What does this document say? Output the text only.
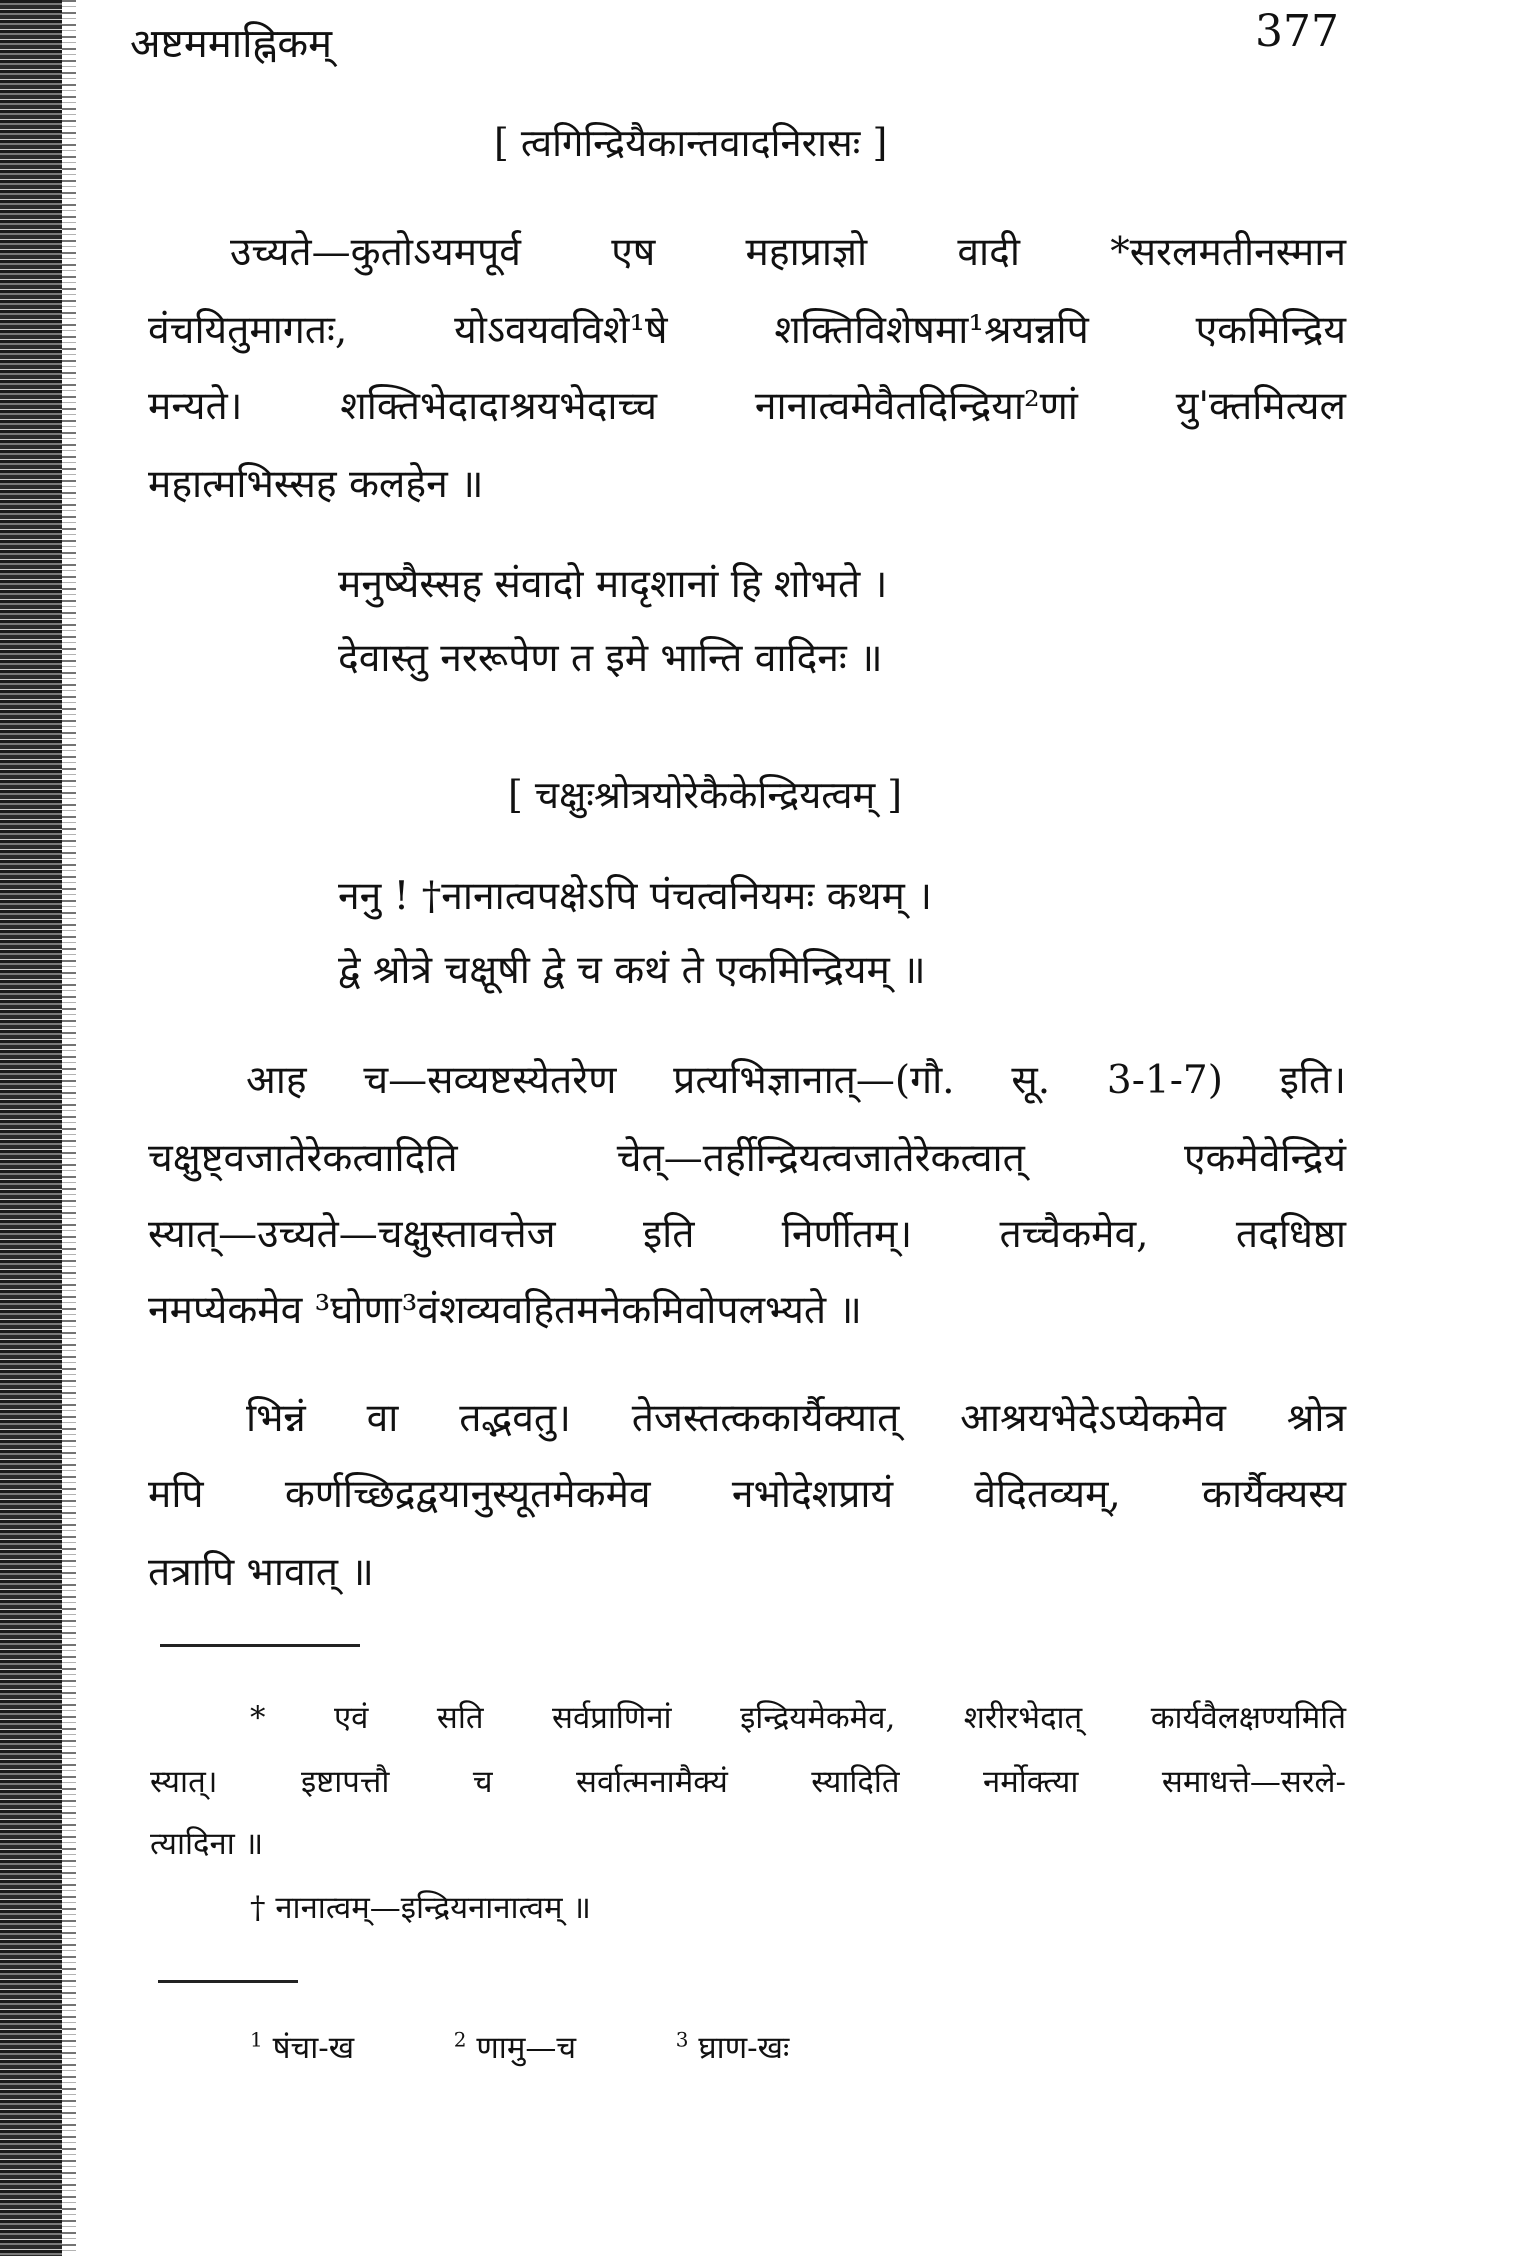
अष्टममाह्निकम्	377
[ त्वगिन्द्रियैकान्तवादनिरासः ]
उच्यते—कुतोऽयमपूर्व एष महाप्राज्ञो वादी *सरलमतीनस्मान
वंचयितुमागतः, योऽवयवविशे¹षे शक्तिविशेषमा¹श्रयन्नपि एकमिन्द्रिय
मन्यते। शक्तिभेदादाश्रयभेदाच्च नानात्वमेवैतदिन्द्रिया²णां यु'क्तमित्यल
महात्मभिस्सह कलहेन ॥
मनुष्यैस्सह संवादो मादृशानां हि शोभते ।
देवास्तु नररूपेण त इमे भान्ति वादिनः ॥
[ चक्षुःश्रोत्रयोरेकैकेन्द्रियत्वम् ]
ननु ! †नानात्वपक्षेऽपि पंचत्वनियमः कथम् ।
द्वे श्रोत्रे चक्षूषी द्वे च कथं ते एकमिन्द्रियम् ॥
आह च—सव्यष्टस्येतरेण प्रत्यभिज्ञानात्—(गौ. सू. 3-1-7) इति।
चक्षुष्ट्वजातेरेकत्वादिति चेत्—तर्हीन्द्रियत्वजातेरेकत्वात् एकमेवेन्द्रियं
स्यात्—उच्यते—चक्षुस्तावत्तेज इति निर्णीतम्। तच्चैकमेव, तदधिष्ठा
नमप्येकमेव ³घोणा³वंशव्यवहितमनेकमिवोपलभ्यते ॥
भिन्नं वा तद्भवतु। तेजस्तत्ककार्यैक्यात् आश्रयभेदेऽप्येकमेव श्रोत्र
मपि कर्णच्छिद्रद्वयानुस्यूतमेकमेव नभोदेशप्रायं वेदितव्यम्, कार्यैक्यस्य
तत्रापि भावात् ॥
* एवं सति सर्वप्राणिनां इन्द्रियमेकमेव, शरीरभेदात् कार्यवैलक्षण्यमिति
स्यात्। इष्टापत्तौ च सर्वात्मनामैक्यं स्यादिति नर्मोक्त्या समाधत्ते—सरले-
त्यादिना ॥
† नानात्वम्—इन्द्रियनानात्वम् ॥
$^1$ षंचा-ख	$^2$ णामु—च	$^3$ घ्राण-खः
